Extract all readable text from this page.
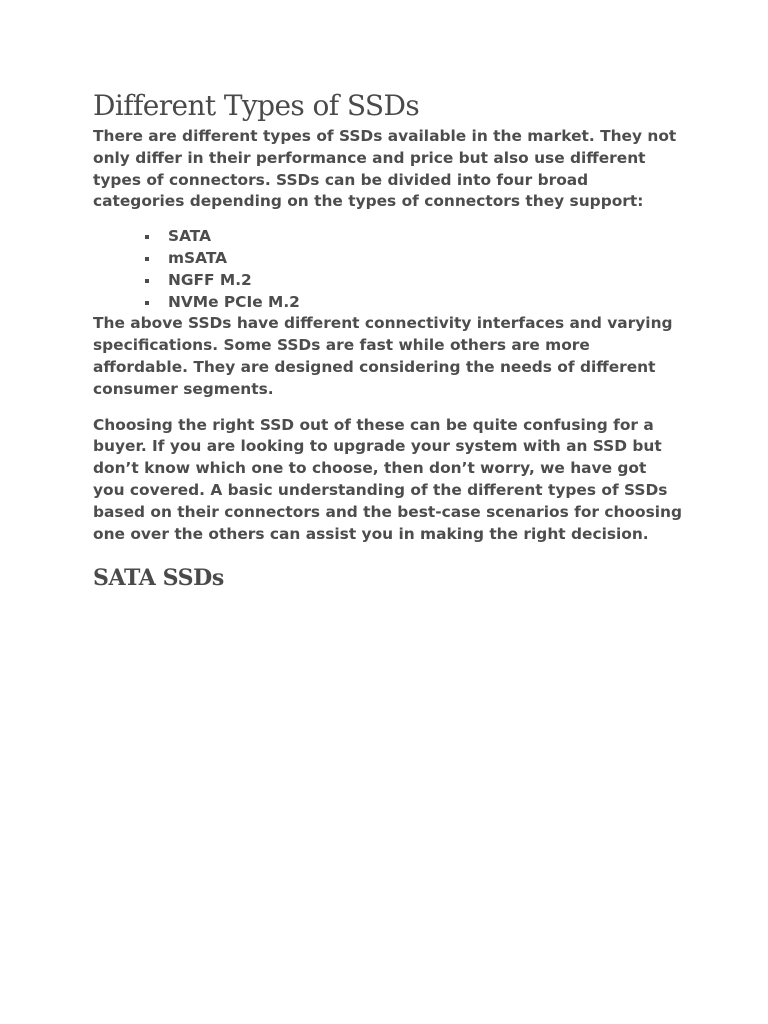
Different Types of SSDs

There are different types of SSDs available in the market. They not only differ in their performance and price but also use different types of connectors. SSDs can be divided into four broad categories depending on the types of connectors they support:

SATA
mSATA
NGFF M.2
NVMe PCIe M.2

The above SSDs have different connectivity interfaces and varying specifications. Some SSDs are fast while others are more affordable. They are designed considering the needs of different consumer segments.

Choosing the right SSD out of these can be quite confusing for a buyer. If you are looking to upgrade your system with an SSD but don’t know which one to choose, then don’t worry, we have got you covered. A basic understanding of the different types of SSDs based on their connectors and the best-case scenarios for choosing one over the others can assist you in making the right decision.

SATA SSDs
